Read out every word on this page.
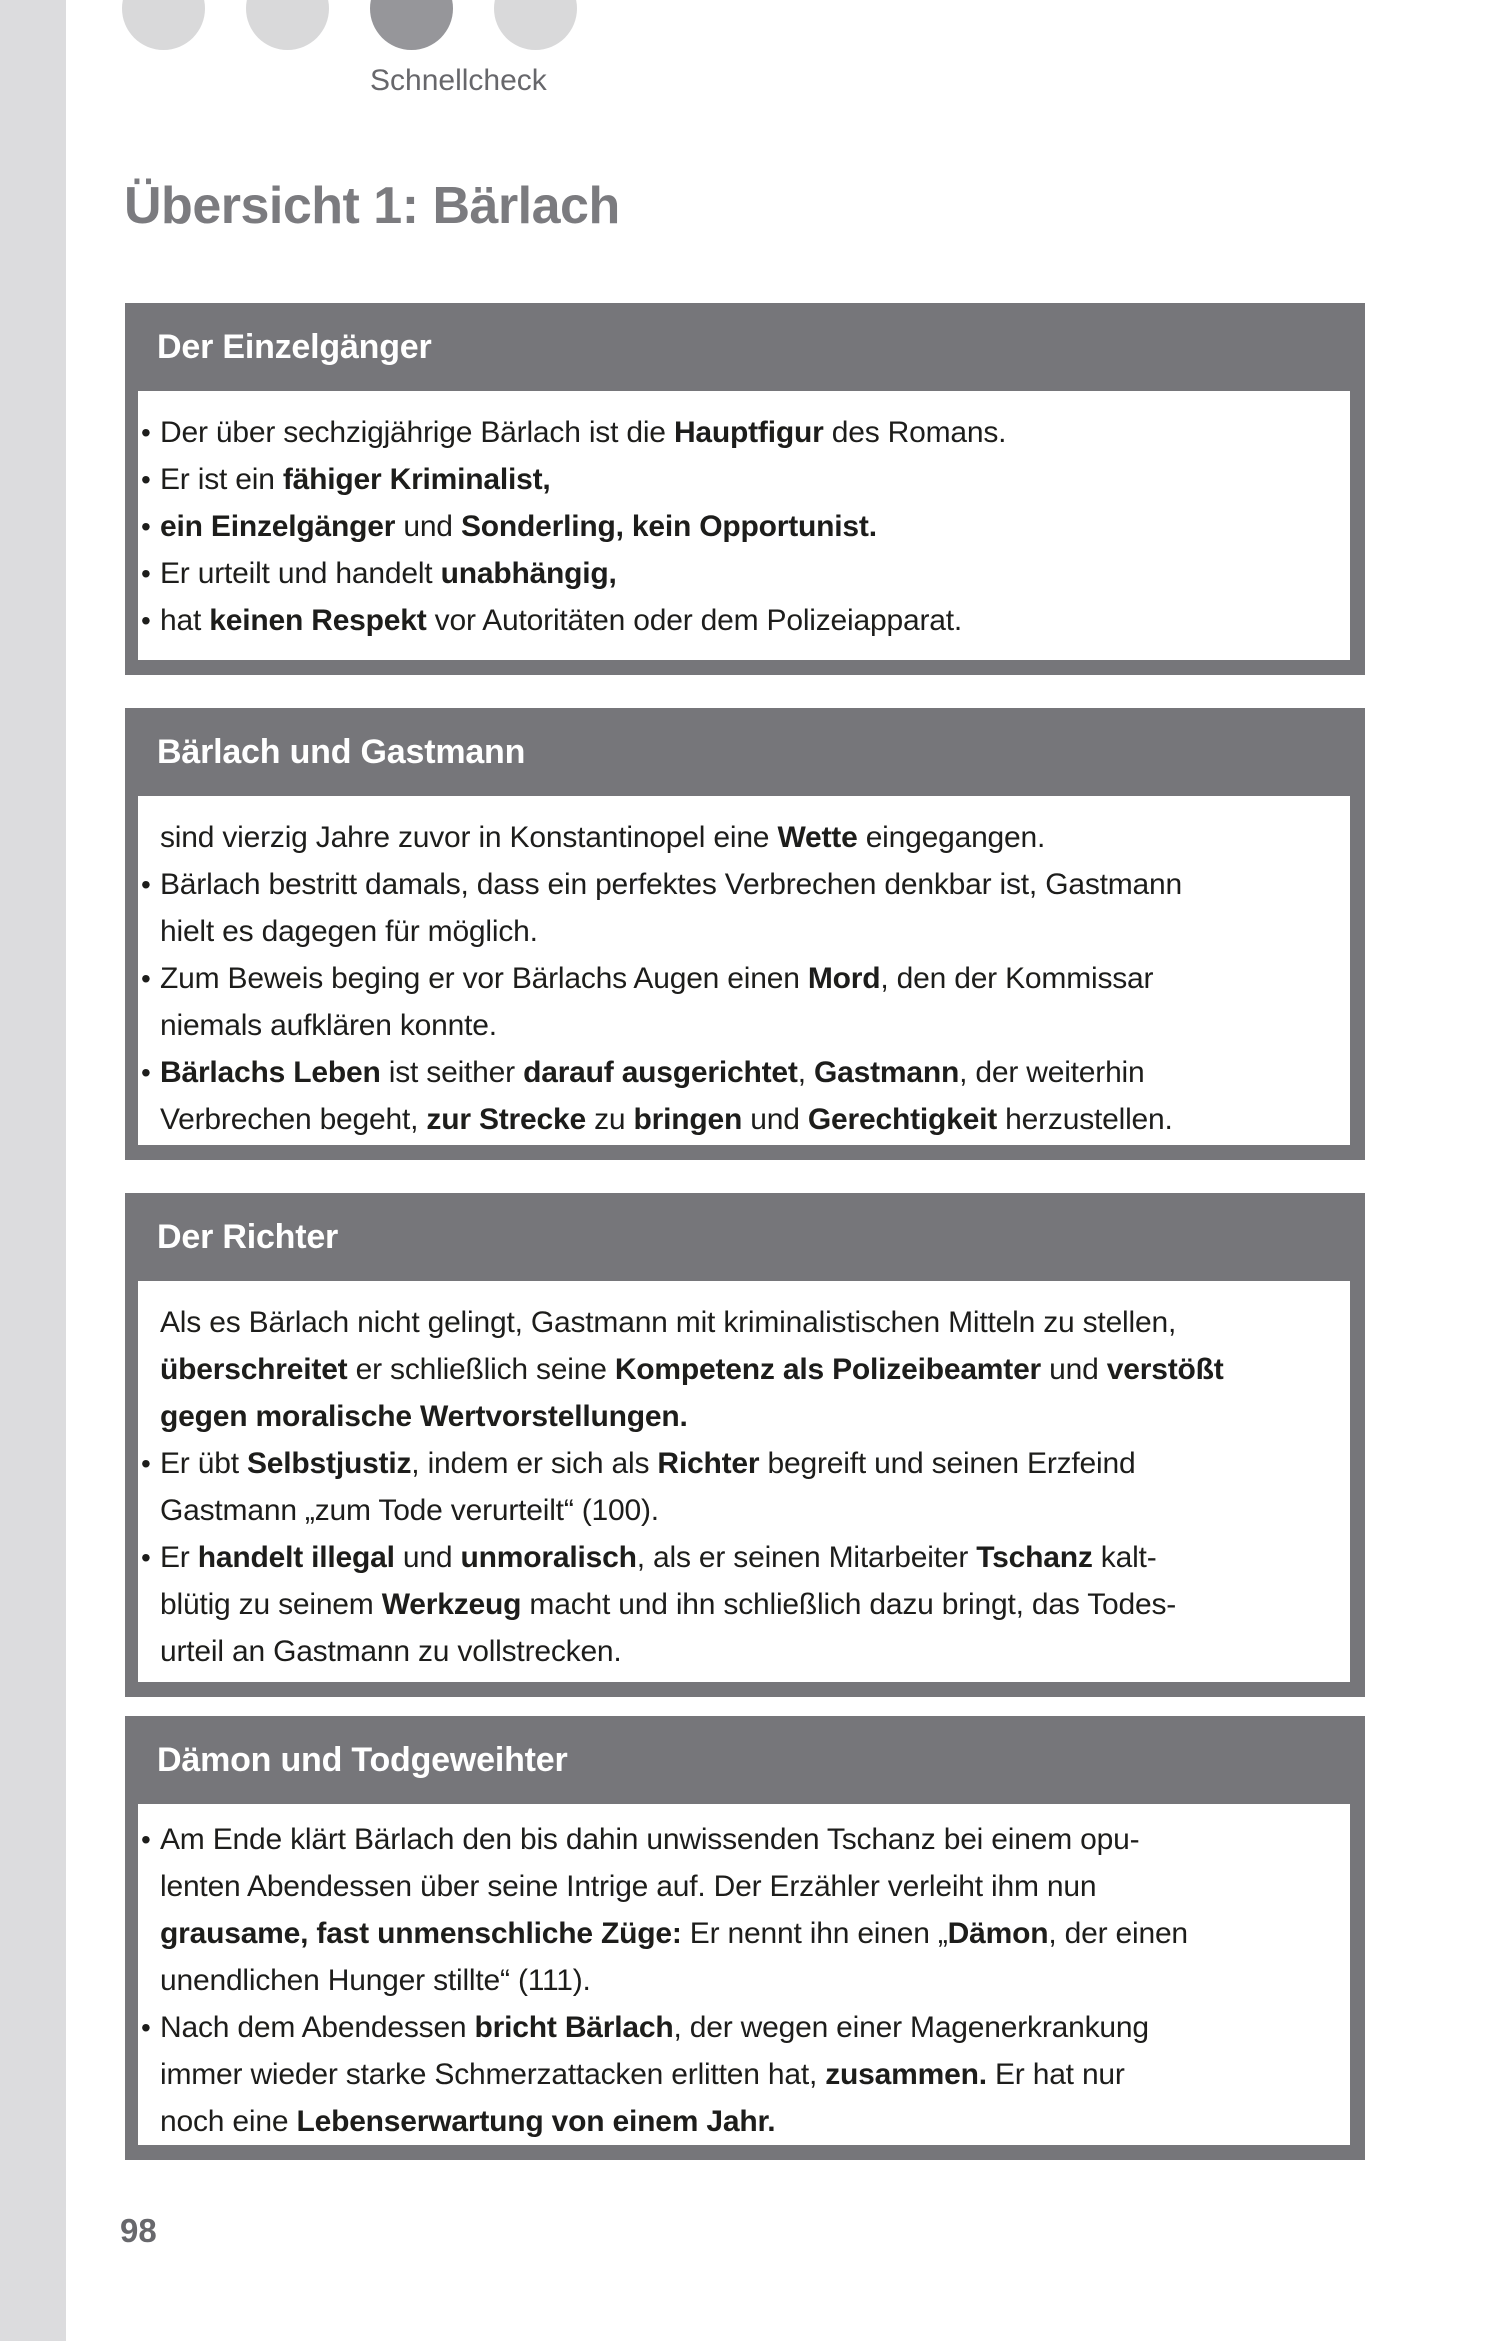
Schnellcheck
Übersicht 1: Bärlach
Der Einzelgänger
• Der über sechzigjährige Bärlach ist die Hauptfigur des Romans.
• Er ist ein fähiger Kriminalist,
• ein Einzelgänger und Sonderling, kein Opportunist.
• Er urteilt und handelt unabhängig,
• hat keinen Respekt vor Autoritäten oder dem Polizeiapparat.
Bärlach und Gastmann
sind vierzig Jahre zuvor in Konstantinopel eine Wette eingegangen.
• Bärlach bestritt damals, dass ein perfektes Verbrechen denkbar ist, Gastmann
hielt es dagegen für möglich.
• Zum Beweis beging er vor Bärlachs Augen einen Mord, den der Kommissar
niemals aufklären konnte.
• Bärlachs Leben ist seither darauf ausgerichtet, Gastmann, der weiterhin
Verbrechen begeht, zur Strecke zu bringen und Gerechtigkeit herzustellen.
Der Richter
Als es Bärlach nicht gelingt, Gastmann mit kriminalistischen Mitteln zu stellen,
überschreitet er schließlich seine Kompetenz als Polizeibeamter und verstößt
gegen moralische Wertvorstellungen.
• Er übt Selbstjustiz, indem er sich als Richter begreift und seinen Erzfeind
Gastmann „zum Tode verurteilt“ (100).
• Er handelt illegal und unmoralisch, als er seinen Mitarbeiter Tschanz kalt-
blütig zu seinem Werkzeug macht und ihn schließlich dazu bringt, das Todes-
urteil an Gastmann zu vollstrecken.
Dämon und Todgeweihter
• Am Ende klärt Bärlach den bis dahin unwissenden Tschanz bei einem opu-
lenten Abendessen über seine Intrige auf. Der Erzähler verleiht ihm nun
grausame, fast unmenschliche Züge: Er nennt ihn einen „Dämon, der einen
unendlichen Hunger stillte“ (111).
• Nach dem Abendessen bricht Bärlach, der wegen einer Magenerkrankung
immer wieder starke Schmerzattacken erlitten hat, zusammen. Er hat nur
noch eine Lebenserwartung von einem Jahr.
98
